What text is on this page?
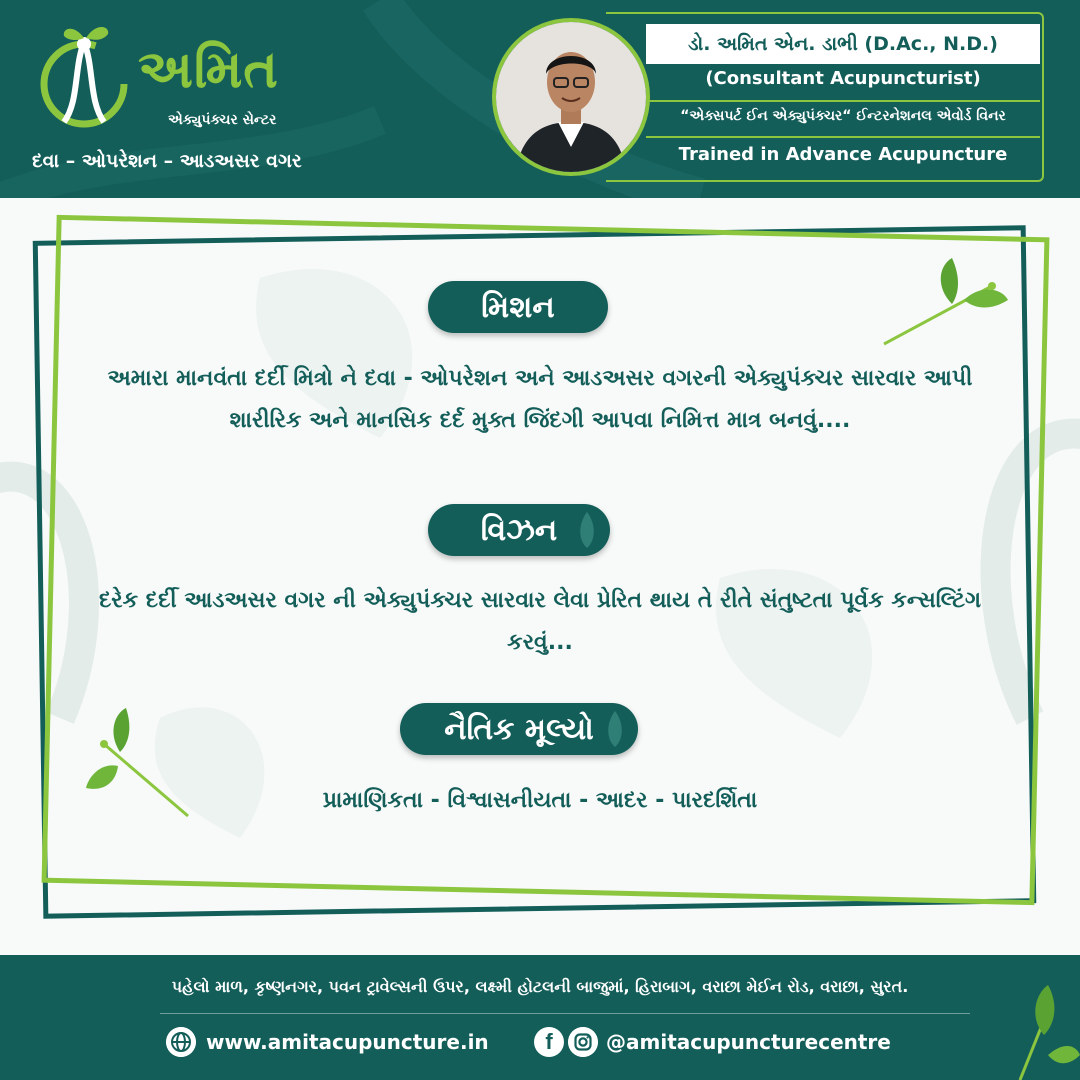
અમિત
એક્યુપંક્ચર સેન્ટર
દવા – ઓપરેશન – આડઅસર વગર
ડો. અમિત એન. ડાભી (D.Ac., N.D.)
(Consultant Acupuncturist)
“એક્સપર્ટ ઈન એક્યુપંક્ચર“ ઈન્ટરનેશનલ એવોર્ડ વિનર
Trained in Advance Acupuncture
મિશન
અમારા માનવંતા દર્દી મિત્રો ને દવા - ઓપરેશન અને આડઅસર વગરની એક્યુપંક્ચર સારવાર આપી શારીરિક અને માનસિક દર્દ મુક્ત જિંદગી આપવા નિમિત્ત માત્ર બનવું....
વિઝન
દરેક દર્દી આડઅસર વગર ની એક્યુપંક્ચર સારવાર લેવા પ્રેરિત થાય તે રીતે સંતુષ્ટતા પૂર્વક કન્સલ્ટિંગ કરવું...
નૈતિક મૂલ્યો
પ્રામાણિકતા - વિશ્વાસનીયતા - આદર - પારદર્શિતા
પહેલો માળ, કૃષ્ણનગર, પવન ટ્રાવેલ્સની ઉપર, લક્ષ્મી હોટલની બાજુમાં, હિરાબાગ, વરાછા મેઈન રોડ, વરાછા, સુરત.
www.amitacupuncture.in	f	@amitacupuncturecentre
